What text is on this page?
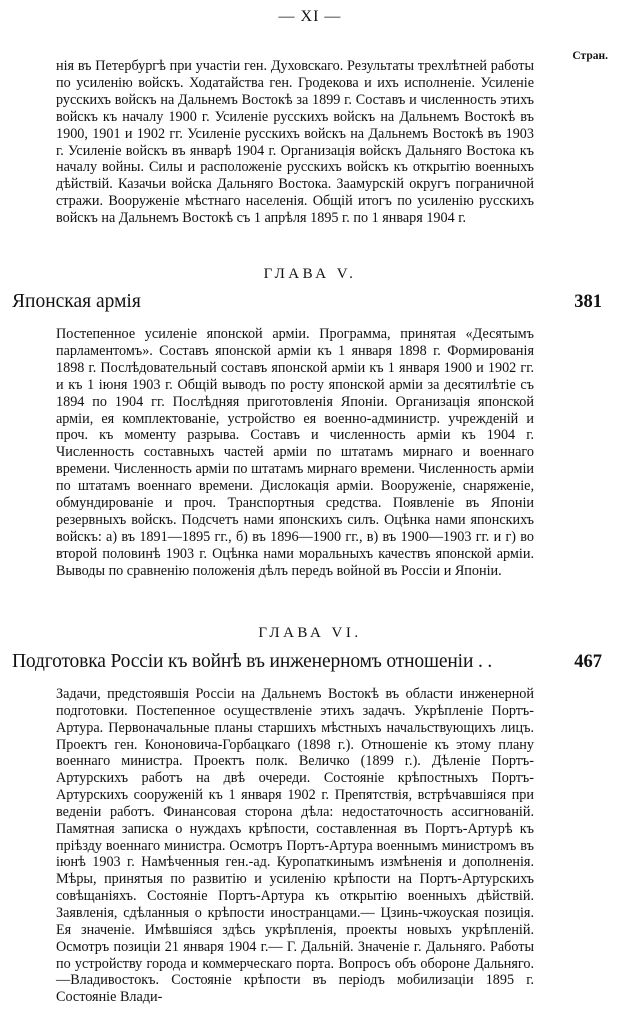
— XI —
Стран.

нія въ Петербургѣ при участіи ген. Духовскаго. Результаты трехлѣтней работы по усиленію войскъ. Ходатайства ген. Гродекова и ихъ исполненіе. Усиленіе русскихъ войскъ на Дальнемъ Востокѣ за 1899 г. Составъ и численность этихъ войскъ къ началу 1900 г. Усиленіе русскихъ войскъ на Дальнемъ Востокѣ въ 1900, 1901 и 1902 гг. Усиленіе русскихъ войскъ на Дальнемъ Востокѣ въ 1903 г. Усиленіе войскъ въ январѣ 1904 г. Организація войскъ Дальняго Востока къ началу войны. Силы и расположеніе русскихъ войскъ къ открытію военныхъ дѣйствій. Казачьи войска Дальняго Востока. Заамурскій округъ пограничной стражи. Вооруженіе мѣстнаго населенія. Общій итогъ по усиленію русскихъ войскъ на Дальнемъ Востокѣ съ 1 апрѣля 1895 г. по 1 января 1904 г.

ГЛАВА V.
Японская армія	381

Постепенное усиленіе японской арміи. Программа, принятая «Десятымъ парламентомъ». Составъ японской арміи къ 1 января 1898 г. Формированія 1898 г. Послѣдовательный составъ японской арміи къ 1 января 1900 и 1902 гг. и къ 1 іюня 1903 г. Общій выводъ по росту японской арміи за десятилѣтіе съ 1894 по 1904 гг. Послѣдняя приготовленія Японіи. Организація японской арміи, ея комплектованіе, устройство ея военно-администр. учрежденій и проч. къ моменту разрыва. Составъ и численность арміи къ 1904 г. Численность составныхъ частей арміи по штатамъ мирнаго и военнаго времени. Численность арміи по штатамъ мирнаго времени. Численность арміи по штатамъ военнаго времени. Дислокація арміи. Вооруженіе, снаряженіе, обмундированіе и проч. Транспортныя средства. Появленіе въ Японіи резервныхъ войскъ. Подсчетъ нами японскихъ силъ. Оцѣнка нами японскихъ войскъ: а) въ 1891—1895 гг., б) въ 1896—1900 гг., в) въ 1900—1903 гг. и г) во второй половинѣ 1903 г. Оцѣнка нами моральныхъ качествъ японской арміи. Выводы по сравненію положенія дѣлъ передъ войной въ Россіи и Японіи.

ГЛАВА VI.
Подготовка Россіи къ войнѣ въ инженерномъ отношеніи . .	467

Задачи, предстоявшія Россіи на Дальнемъ Востокѣ въ области инженерной подготовки. Постепенное осуществленіе этихъ задачъ. Укрѣпленіе Портъ-Артура. Первоначальные планы старшихъ мѣстныхъ начальствующихъ лицъ. Проектъ ген. Кононовича-Горбацкаго (1898 г.). Отношеніе къ этому плану военнаго министра. Проектъ полк. Величко (1899 г.). Дѣленіе Портъ-Артурскихъ работъ на двѣ очереди. Состояніе крѣпостныхъ Портъ-Артурскихъ сооруженій къ 1 января 1902 г. Препятствія, встрѣчавшіяся при веденіи работъ. Финансовая сторона дѣла: недостаточность ассигнованій. Памятная записка о нуждахъ крѣпости, составленная въ Портъ-Артурѣ къ пріѣзду военнаго министра. Осмотръ Портъ-Артура военнымъ министромъ въ іюнѣ 1903 г. Намѣченныя ген.-ад. Куропаткинымъ измѣненія и дополненія. Мѣры, принятыя по развитію и усиленію крѣпости на Портъ-Артурскихъ совѣщаніяхъ. Состояніе Портъ-Артура къ открытію военныхъ дѣйствій. Заявленія, сдѣланныя о крѣпости иностранцами.— Цзинь-чжоуская позиція. Ея значеніе. Имѣвшіяся здѣсь укрѣпленія, проекты новыхъ укрѣпленій. Осмотръ позиціи 21 января 1904 г.— Г. Дальній. Значеніе г. Дальняго. Работы по устройству города и коммерческаго порта. Вопросъ объ обороне Дальняго.—Владивостокъ. Состояніе крѣпости въ періодъ мобилизаціи 1895 г. Состояніе Влади-
